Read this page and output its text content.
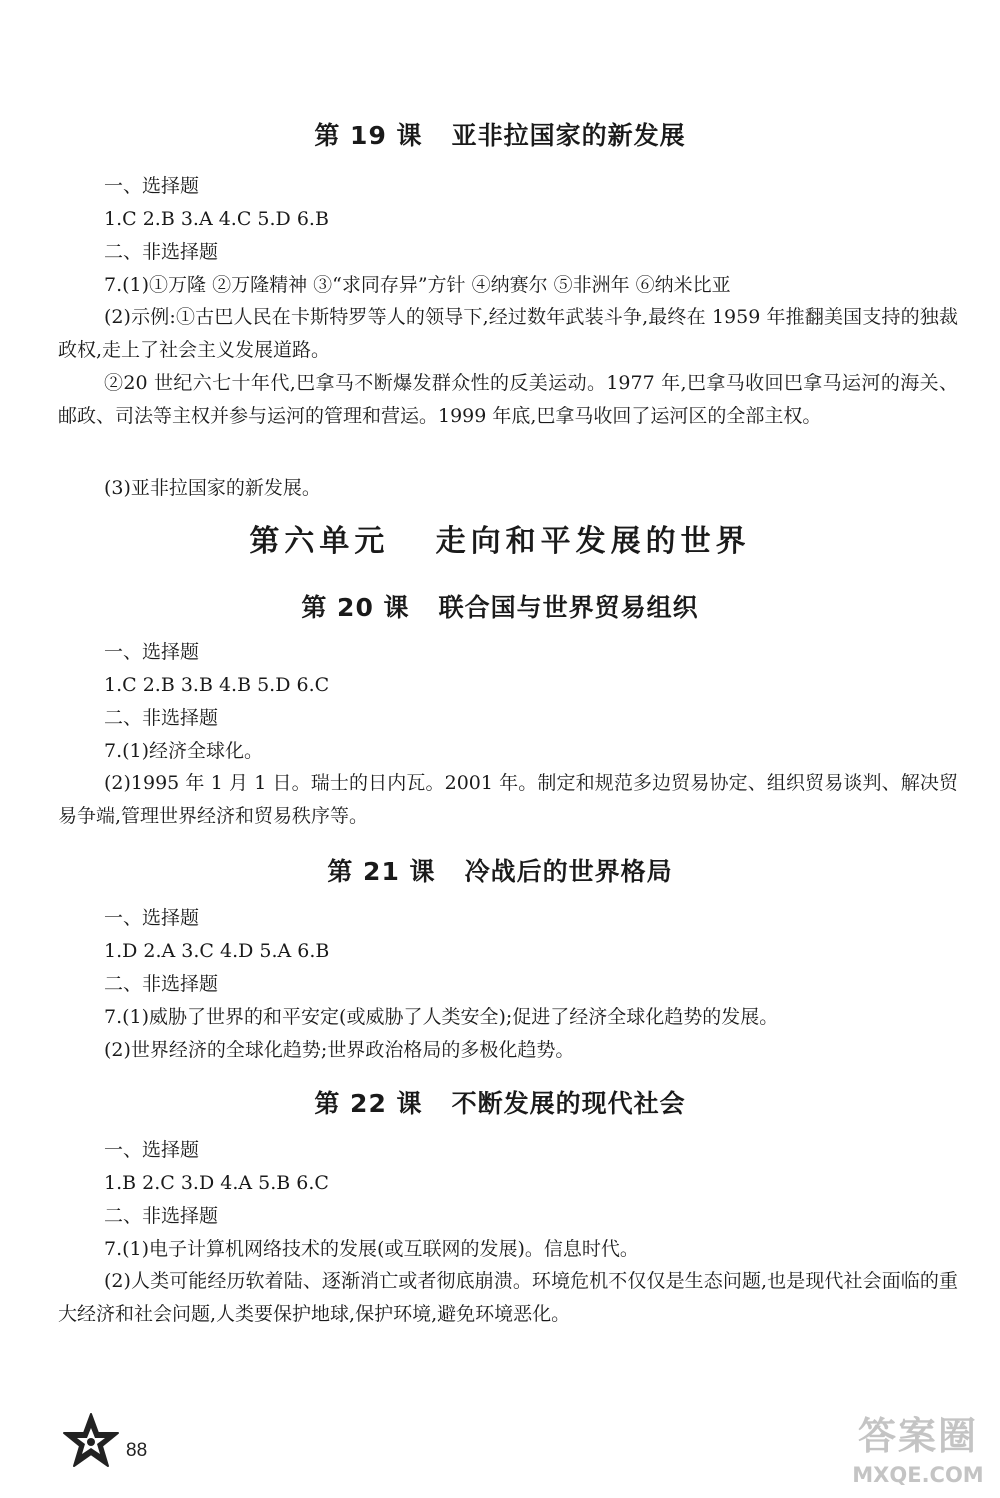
第 19 课   亚非拉国家的新发展
一、选择题
1.C 2.B 3.A 4.C 5.D 6.B
二、非选择题
7.(1)①万隆 ②万隆精神 ③“求同存异”方针 ④纳赛尔 ⑤非洲年 ⑥纳米比亚
(2)示例:①古巴人民在卡斯特罗等人的领导下,经过数年武装斗争,最终在 1959 年推翻美国支持的独裁政权,走上了社会主义发展道路。
②20 世纪六七十年代,巴拿马不断爆发群众性的反美运动。1977 年,巴拿马收回巴拿马运河的海关、邮政、司法等主权并参与运河的管理和营运。1999 年底,巴拿马收回了运河区的全部主权。
(3)亚非拉国家的新发展。
第六单元   走向和平发展的世界
第 20 课   联合国与世界贸易组织
一、选择题
1.C 2.B 3.B 4.B 5.D 6.C
二、非选择题
7.(1)经济全球化。
(2)1995 年 1 月 1 日。瑞士的日内瓦。2001 年。制定和规范多边贸易协定、组织贸易谈判、解决贸易争端,管理世界经济和贸易秩序等。
第 21 课   冷战后的世界格局
一、选择题
1.D 2.A 3.C 4.D 5.A 6.B
二、非选择题
7.(1)威胁了世界的和平安定(或威胁了人类安全);促进了经济全球化趋势的发展。
(2)世界经济的全球化趋势;世界政治格局的多极化趋势。
第 22 课   不断发展的现代社会
一、选择题
1.B 2.C 3.D 4.A 5.B 6.C
二、非选择题
7.(1)电子计算机网络技术的发展(或互联网的发展)。信息时代。
(2)人类可能经历软着陆、逐渐消亡或者彻底崩溃。环境危机不仅仅是生态问题,也是现代社会面临的重大经济和社会问题,人类要保护地球,保护环境,避免环境恶化。
88	答案圈
MXQE.COM
